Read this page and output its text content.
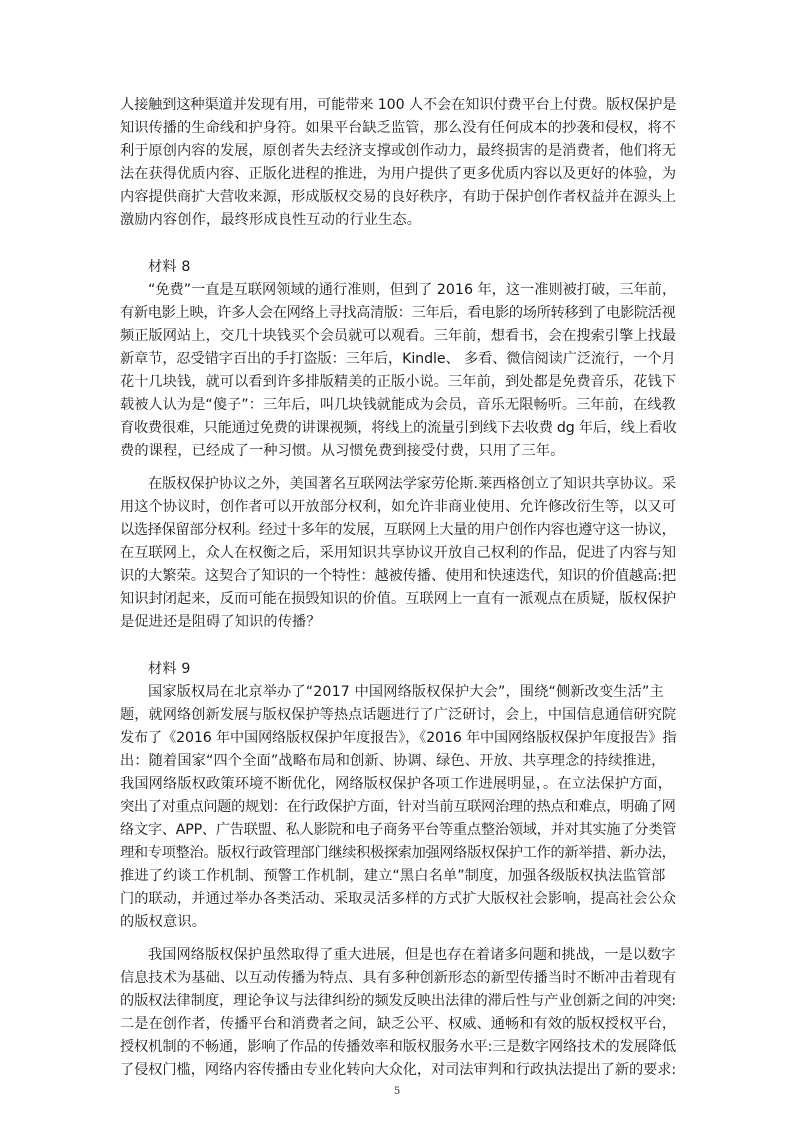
人接触到这种渠道并发现有用，可能带来 100 人不会在知识付费平台上付费。版权保护是
知识传播的生命线和护身符。如果平台缺乏监管，那么没有任何成本的抄袭和侵权，将不
利于原创内容的发展，原创者失去经济支撑或创作动力，最终损害的是消费者，他们将无
法在获得优质内容、正版化进程的推进，为用户提供了更多优质内容以及更好的体验，为
内容提供商扩大营收来源，形成版权交易的良好秩序，有助于保护创作者权益并在源头上
激励内容创作，最终形成良性互动的行业生态。
材料 8
“免费”一直是互联网领域的通行准则，但到了 2016 年，这一准则被打破，三年前，
有新电影上映，许多人会在网络上寻找高清版：三年后，看电影的场所转移到了电影院活视
频正版网站上，交几十块钱买个会员就可以观看。三年前，想看书，会在搜索引擎上找最
新章节，忍受错字百出的手打盗版：三年后，Kindle、 多看、微信阅读广泛流行，一个月
花十几块钱，就可以看到许多排版精美的正版小说。三年前，到处都是免费音乐，花钱下
载被人认为是“傻子”：三年后，叫几块钱就能成为会员，音乐无限畅听。三年前，在线教
育收费很难，只能通过免费的讲课视频，将线上的流量引到线下去收费 dg 年后，线上看收
费的课程，已经成了一种习惯。从习惯免费到接受付费，只用了三年。
在版权保护协议之外，美国著名互联网法学家劳伦斯.莱西格创立了知识共享协议。采
用这个协议时，创作者可以开放部分权利，如允许非商业使用、允许修改衍生等，以又可
以选择保留部分权利。经过十多年的发展，互联网上大量的用户创作内容也遵守这一协议，
在互联网上，众人在权衡之后，采用知识共享协议开放自己权利的作品，促进了内容与知
识的大繁荣。这契合了知识的一个特性：越被传播、使用和快速迭代，知识的价值越高:把
知识封闭起来，反而可能在损毁知识的价值。互联网上一直有一派观点在质疑，版权保护
是促进还是阻碍了知识的传播？
材料 9
国家版权局在北京举办了“2017 中国网络版权保护大会”，围绕“侧新改变生活”主
题，就网络创新发展与版权保护等热点话题进行了广泛研讨，会上，中国信息通信研究院
发布了《2016 年中国网络版权保护年度报告》，《2016 年中国网络版权保护年度报告》指
出：随着国家“四个全面”战略布局和创新、协调、绿色、开放、共享理念的持续推进，
我国网络版权政策环境不断优化，网络版权保护各项工作进展明显，。在立法保护方面，
突出了对重点问题的规划：在行政保护方面，针对当前互联网治理的热点和难点，明确了网
络文字、APP、广告联盟、私人影院和电子商务平台等重点整治领域，并对其实施了分类管
理和专项整治。版权行政管理部门继续积极探索加强网络版权保护工作的新举措、新办法，
推进了约谈工作机制、预警工作机制，建立“黑白名单”制度，加强各级版权执法监管部
门的联动，并通过举办各类活动、采取灵活多样的方式扩大版权社会影响，提高社会公众
的版权意识。
我国网络版权保护虽然取得了重大进展，但是也存在着诸多问题和挑战，一是以数字
信息技术为基础、以互动传播为特点、具有多种创新形态的新型传播当时不断冲击着现有
的版权法律制度，理论争议与法律纠纷的频发反映出法律的滞后性与产业创新之间的冲突:
二是在创作者，传播平台和消费者之间，缺乏公平、权威、通畅和有效的版权授权平台，
授权机制的不畅通，影响了作品的传播效率和版权服务水平:三是数字网络技术的发展降低
了侵权门槛，网络内容传播由专业化转向大众化，对司法审判和行政执法提出了新的要求:
5
